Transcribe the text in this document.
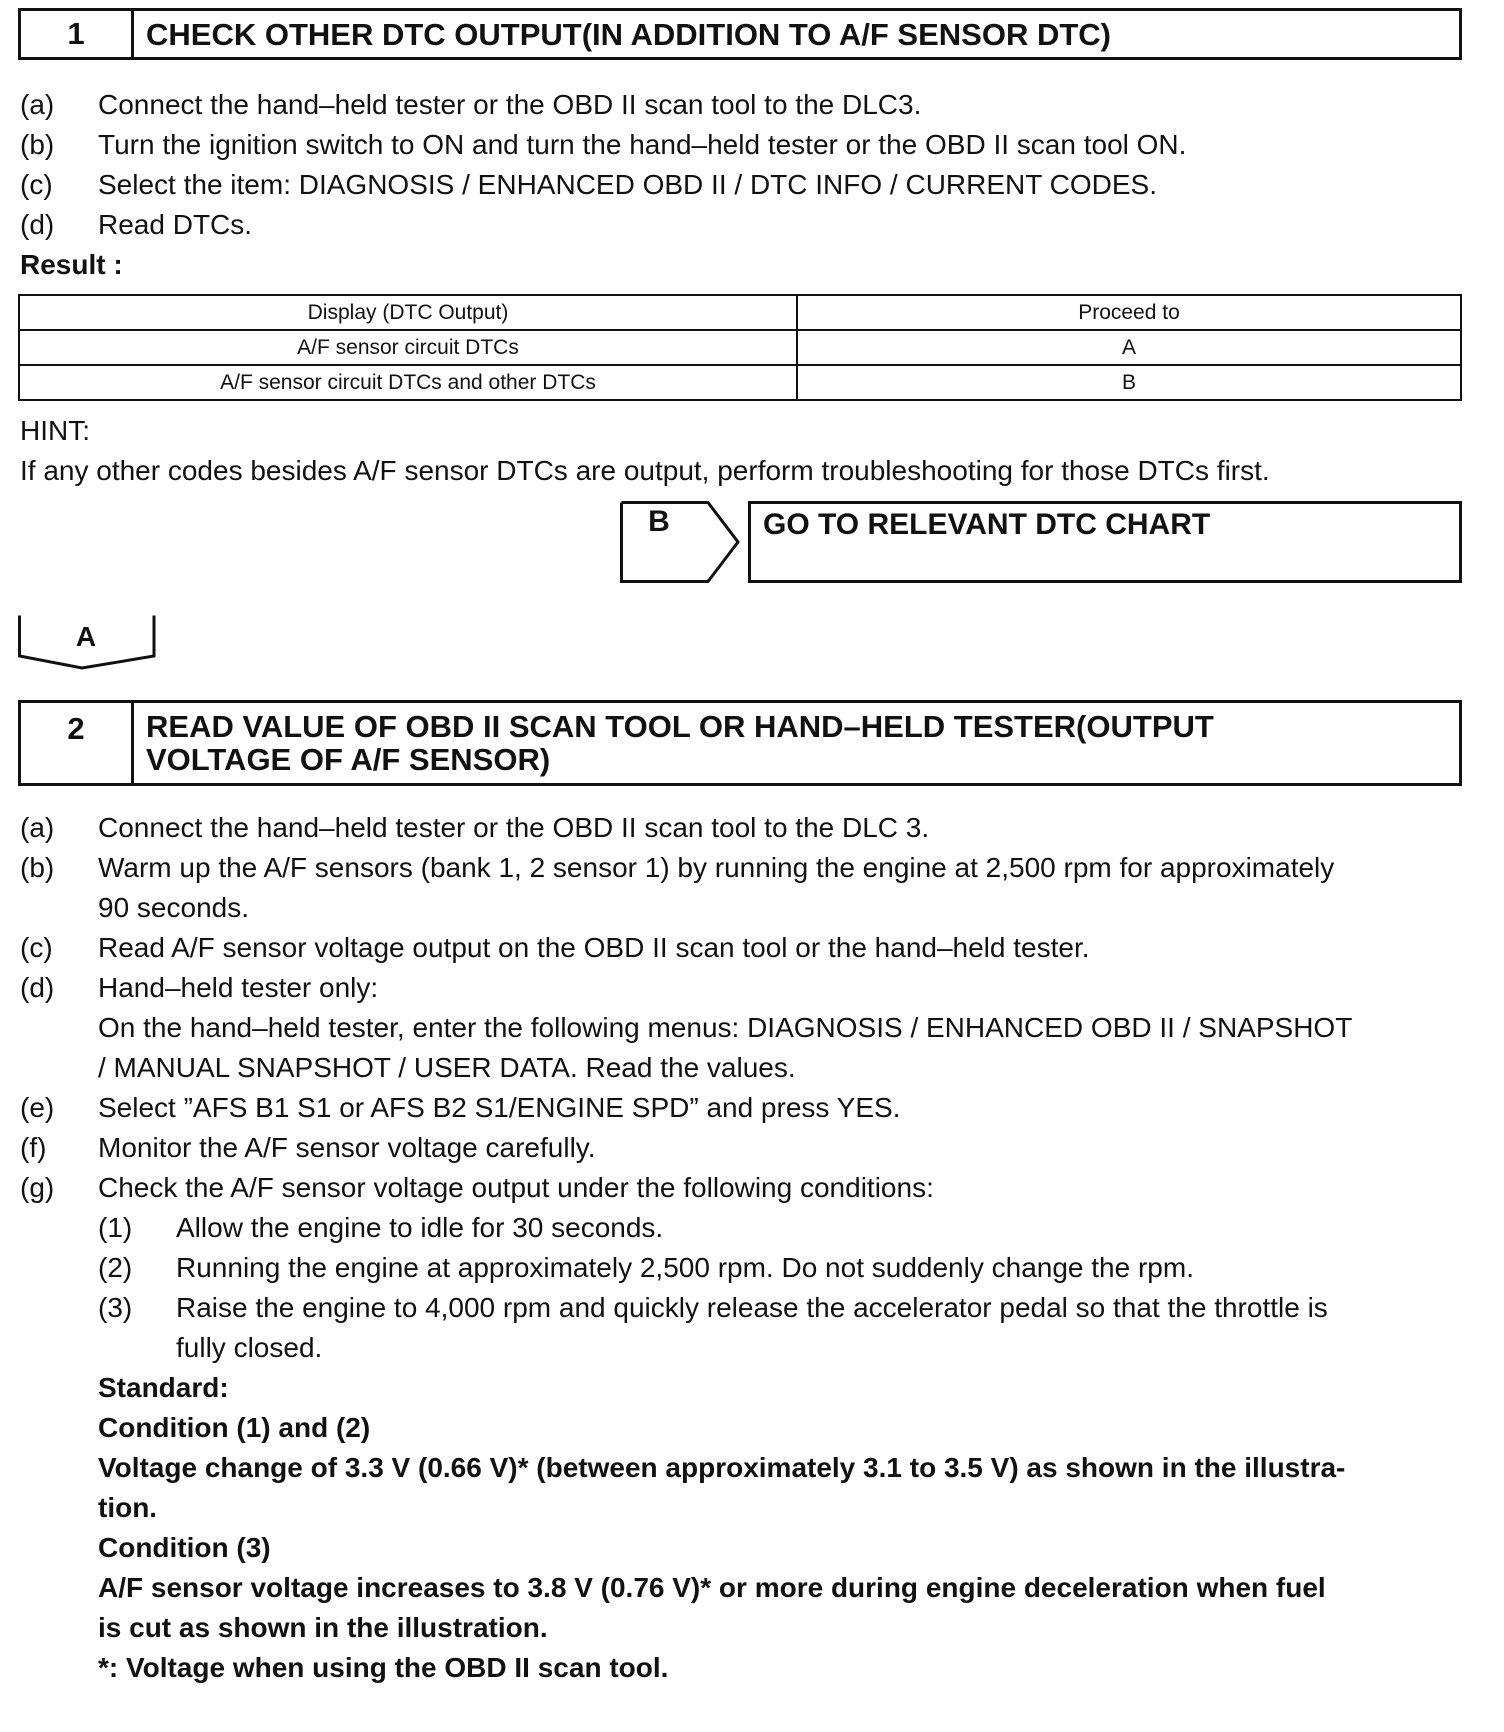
1	CHECK OTHER DTC OUTPUT(IN ADDITION TO A/F SENSOR DTC)
(a) Connect the hand–held tester or the OBD II scan tool to the DLC3.
(b) Turn the ignition switch to ON and turn the hand–held tester or the OBD II scan tool ON.
(c) Select the item: DIAGNOSIS / ENHANCED OBD II / DTC INFO / CURRENT CODES.
(d) Read DTCs.
Result :
Display (DTC Output)	Proceed to
A/F sensor circuit DTCs	A
A/F sensor circuit DTCs and other DTCs	B
HINT:
If any other codes besides A/F sensor DTCs are output, perform troubleshooting for those DTCs first.
B	GO TO RELEVANT DTC CHART
A
2	READ VALUE OF OBD II SCAN TOOL OR HAND–HELD TESTER(OUTPUT
VOLTAGE OF A/F SENSOR)
(a) Connect the hand–held tester or the OBD II scan tool to the DLC 3.
(b) Warm up the A/F sensors (bank 1, 2 sensor 1) by running the engine at 2,500 rpm for approximately
90 seconds.
(c) Read A/F sensor voltage output on the OBD II scan tool or the hand–held tester.
(d) Hand–held tester only:
On the hand–held tester, enter the following menus: DIAGNOSIS / ENHANCED OBD II / SNAPSHOT
/ MANUAL SNAPSHOT / USER DATA. Read the values.
(e) Select ”AFS B1 S1 or AFS B2 S1/ENGINE SPD” and press YES.
(f) Monitor the A/F sensor voltage carefully.
(g) Check the A/F sensor voltage output under the following conditions:
(1) Allow the engine to idle for 30 seconds.
(2) Running the engine at approximately 2,500 rpm. Do not suddenly change the rpm.
(3) Raise the engine to 4,000 rpm and quickly release the accelerator pedal so that the throttle is
fully closed.
Standard:
Condition (1) and (2)
Voltage change of 3.3 V (0.66 V)* (between approximately 3.1 to 3.5 V) as shown in the illustra-
tion.
Condition (3)
A/F sensor voltage increases to 3.8 V (0.76 V)* or more during engine deceleration when fuel
is cut as shown in the illustration.
*: Voltage when using the OBD II scan tool.
